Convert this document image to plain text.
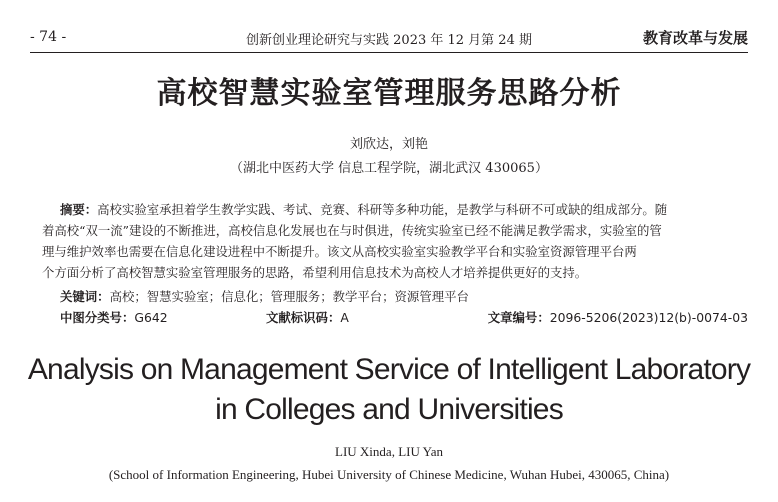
- 74 -	创新创业理论研究与实践 2023 年 12 月第 24 期	教育改革与发展
高校智慧实验室管理服务思路分析
刘欣达，刘艳
（湖北中医药大学 信息工程学院，湖北武汉 430065）
摘要：高校实验室承担着学生教学实践、考试、竞赛、科研等多种功能，是教学与科研不可或缺的组成部分。随
着高校“双一流”建设的不断推进，高校信息化发展也在与时俱进，传统实验室已经不能满足教学需求，实验室的管
理与维护效率也需要在信息化建设进程中不断提升。该文从高校实验室实验教学平台和实验室资源管理平台两
个方面分析了高校智慧实验室管理服务的思路，希望利用信息技术为高校人才培养提供更好的支持。
关键词：高校；智慧实验室；信息化；管理服务；教学平台；资源管理平台
中图分类号：G642	文献标识码：A	文章编号：2096-5206(2023)12(b)-0074-03
Analysis on Management Service of Intelligent Laboratory
in Colleges and Universities
LIU Xinda, LIU Yan
(School of Information Engineering, Hubei University of Chinese Medicine, Wuhan Hubei, 430065, China)
